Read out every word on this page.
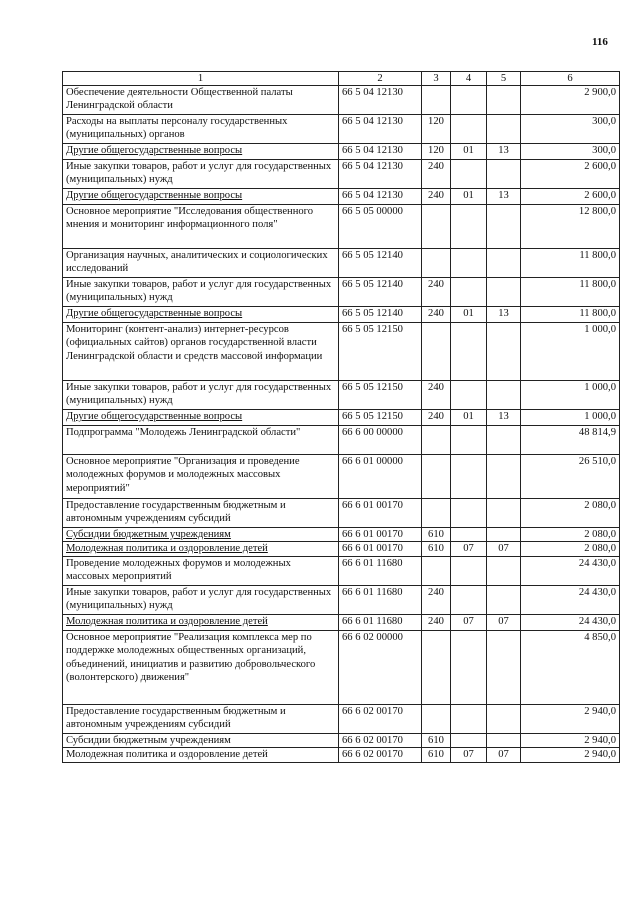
116
1	2	3	4	5	6
Обеспечение деятельности Общественной палаты Ленинградской области	66 5 04 12130				2 900,0
Расходы на выплаты персоналу государственных (муниципальных) органов	66 5 04 12130	120			300,0
Другие общегосударственные вопросы	66 5 04 12130	120	01	13	300,0
Иные закупки товаров, работ и услуг для государственных (муниципальных) нужд	66 5 04 12130	240			2 600,0
Другие общегосударственные вопросы	66 5 04 12130	240	01	13	2 600,0
Основное мероприятие "Исследования общественного мнения и мониторинг информационного поля"	66 5 05 00000				12 800,0
Организация научных, аналитических и социологических исследований	66 5 05 12140				11 800,0
Иные закупки товаров, работ и услуг для государственных (муниципальных) нужд	66 5 05 12140	240			11 800,0
Другие общегосударственные вопросы	66 5 05 12140	240	01	13	11 800,0
Мониторинг (контент-анализ) интернет-ресурсов (официальных сайтов) органов государственной власти Ленинградской области и средств массовой информации	66 5 05 12150				1 000,0
Иные закупки товаров, работ и услуг для государственных (муниципальных) нужд	66 5 05 12150	240			1 000,0
Другие общегосударственные вопросы	66 5 05 12150	240	01	13	1 000,0
Подпрограмма "Молодежь Ленинградской области"	66 6 00 00000				48 814,9
Основное мероприятие "Организация и проведение молодежных форумов и молодежных массовых мероприятий"	66 6 01 00000				26 510,0
Предоставление государственным бюджетным и автономным учреждениям субсидий	66 6 01 00170				2 080,0
Субсидии бюджетным учреждениям	66 6 01 00170	610			2 080,0
Молодежная политика и оздоровление детей	66 6 01 00170	610	07	07	2 080,0
Проведение молодежных форумов и молодежных массовых мероприятий	66 6 01 11680				24 430,0
Иные закупки товаров, работ и услуг для государственных (муниципальных) нужд	66 6 01 11680	240			24 430,0
Молодежная политика и оздоровление детей	66 6 01 11680	240	07	07	24 430,0
Основное мероприятие "Реализация комплекса мер по поддержке молодежных общественных организаций, объединений, инициатив и развитию добровольческого (волонтерского) движения"	66 6 02 00000				4 850,0
Предоставление государственным бюджетным и автономным учреждениям субсидий	66 6 02 00170				2 940,0
Субсидии бюджетным учреждениям	66 6 02 00170	610			2 940,0
Молодежная политика и оздоровление детей	66 6 02 00170	610	07	07	2 940,0
